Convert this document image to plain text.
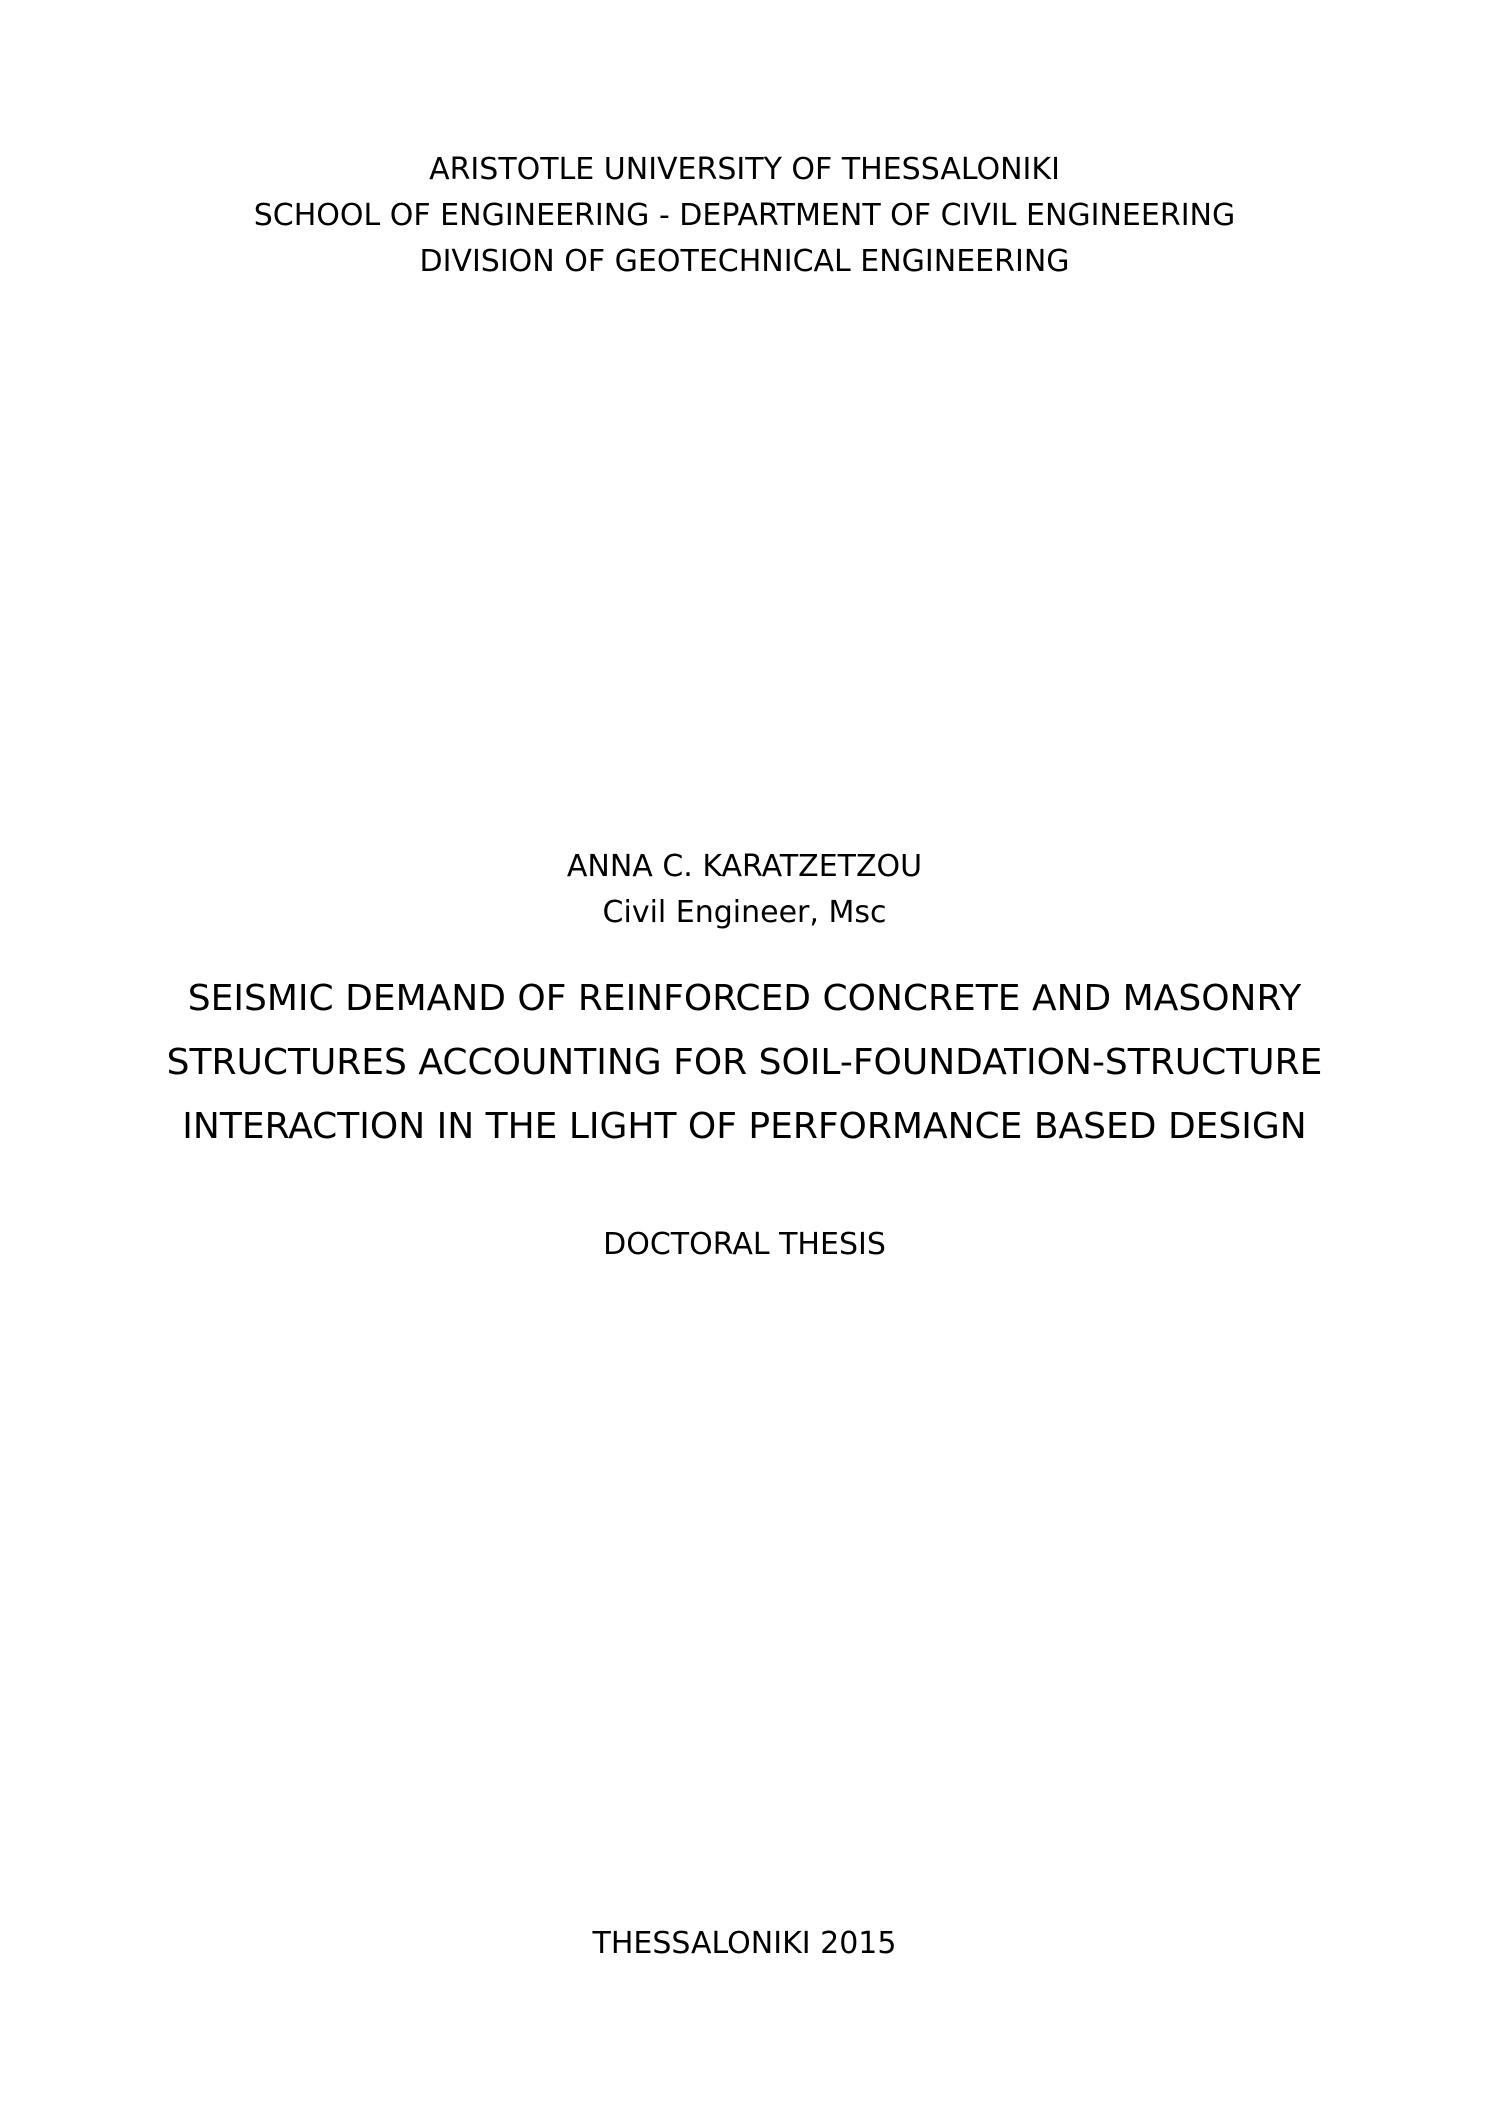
ARISTOTLE UNIVERSITY OF THESSALONIKI
SCHOOL OF ENGINEERING - DEPARTMENT OF CIVIL ENGINEERING
DIVISION OF GEOTECHNICAL ENGINEERING
ANNA C. KARATZETZOU
Civil Engineer, Msc
SEISMIC DEMAND OF REINFORCED CONCRETE AND MASONRY
STRUCTURES ACCOUNTING FOR SOIL-FOUNDATION-STRUCTURE
INTERACTION IN THE LIGHT OF PERFORMANCE BASED DESIGN
DOCTORAL THESIS
THESSALONIKI 2015
